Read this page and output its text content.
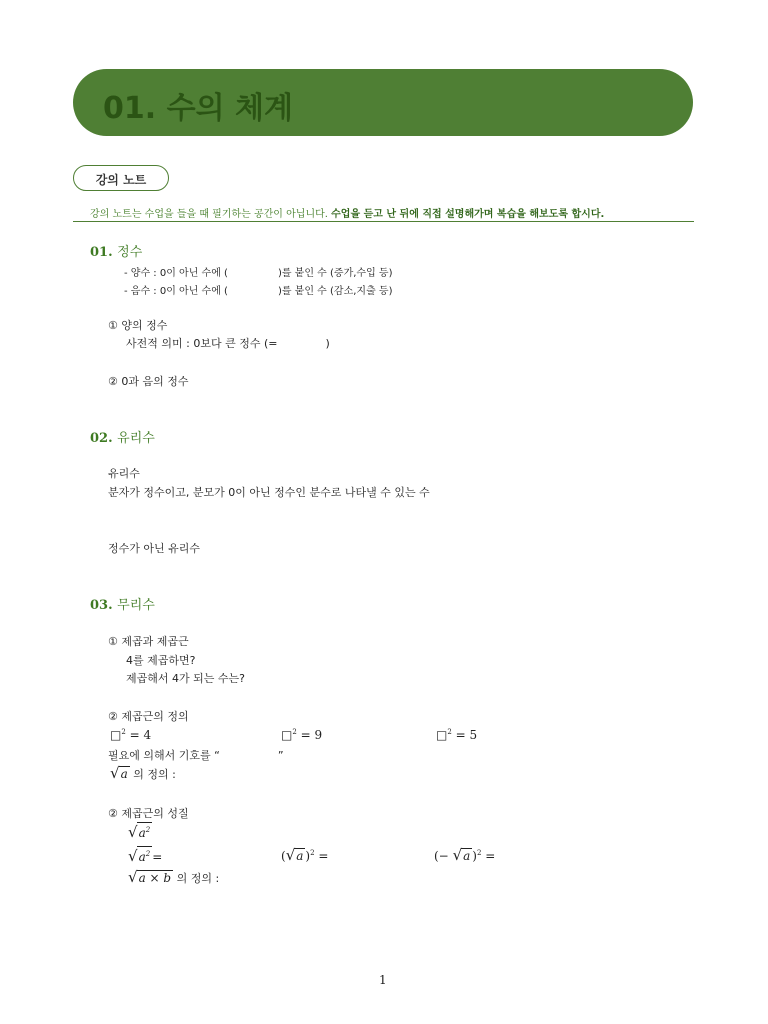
01. 수의 체계
강의 노트
강의 노트는 수업을 들을 때 필기하는 공간이 아닙니다. 수업을 듣고 난 뒤에 직접 설명해가며 복습을 해보도록 합시다.
01. 정수
- 양수 : 0이 아닌 수에 (	)를 붙인 수 (증가,수입 등)
- 음수 : 0이 아닌 수에 (	)를 붙인 수 (감소,지출 등)
① 양의 정수
사전적 의미 : 0보다 큰 정수 (=	)
② 0과 음의 정수
02. 유리수
유리수
분자가 정수이고, 분모가 0이 아닌 정수인 분수로 나타낼 수 있는 수
정수가 아닌 유리수
03. 무리수
① 제곱과 제곱근
4를 제곱하면?
제곱해서 4가 되는 수는?
② 제곱근의 정의
□$^2$ = 4	□$^2$ = 9	□$^2$ = 5
필요에 의해서 기호를 “	”
√a 의 정의 :
② 제곱근의 성질
$√a^2$
$√a^2$ =	(√a )$^2$ =	(− √a )$^2$ =
√a × b 의 정의 :
1
